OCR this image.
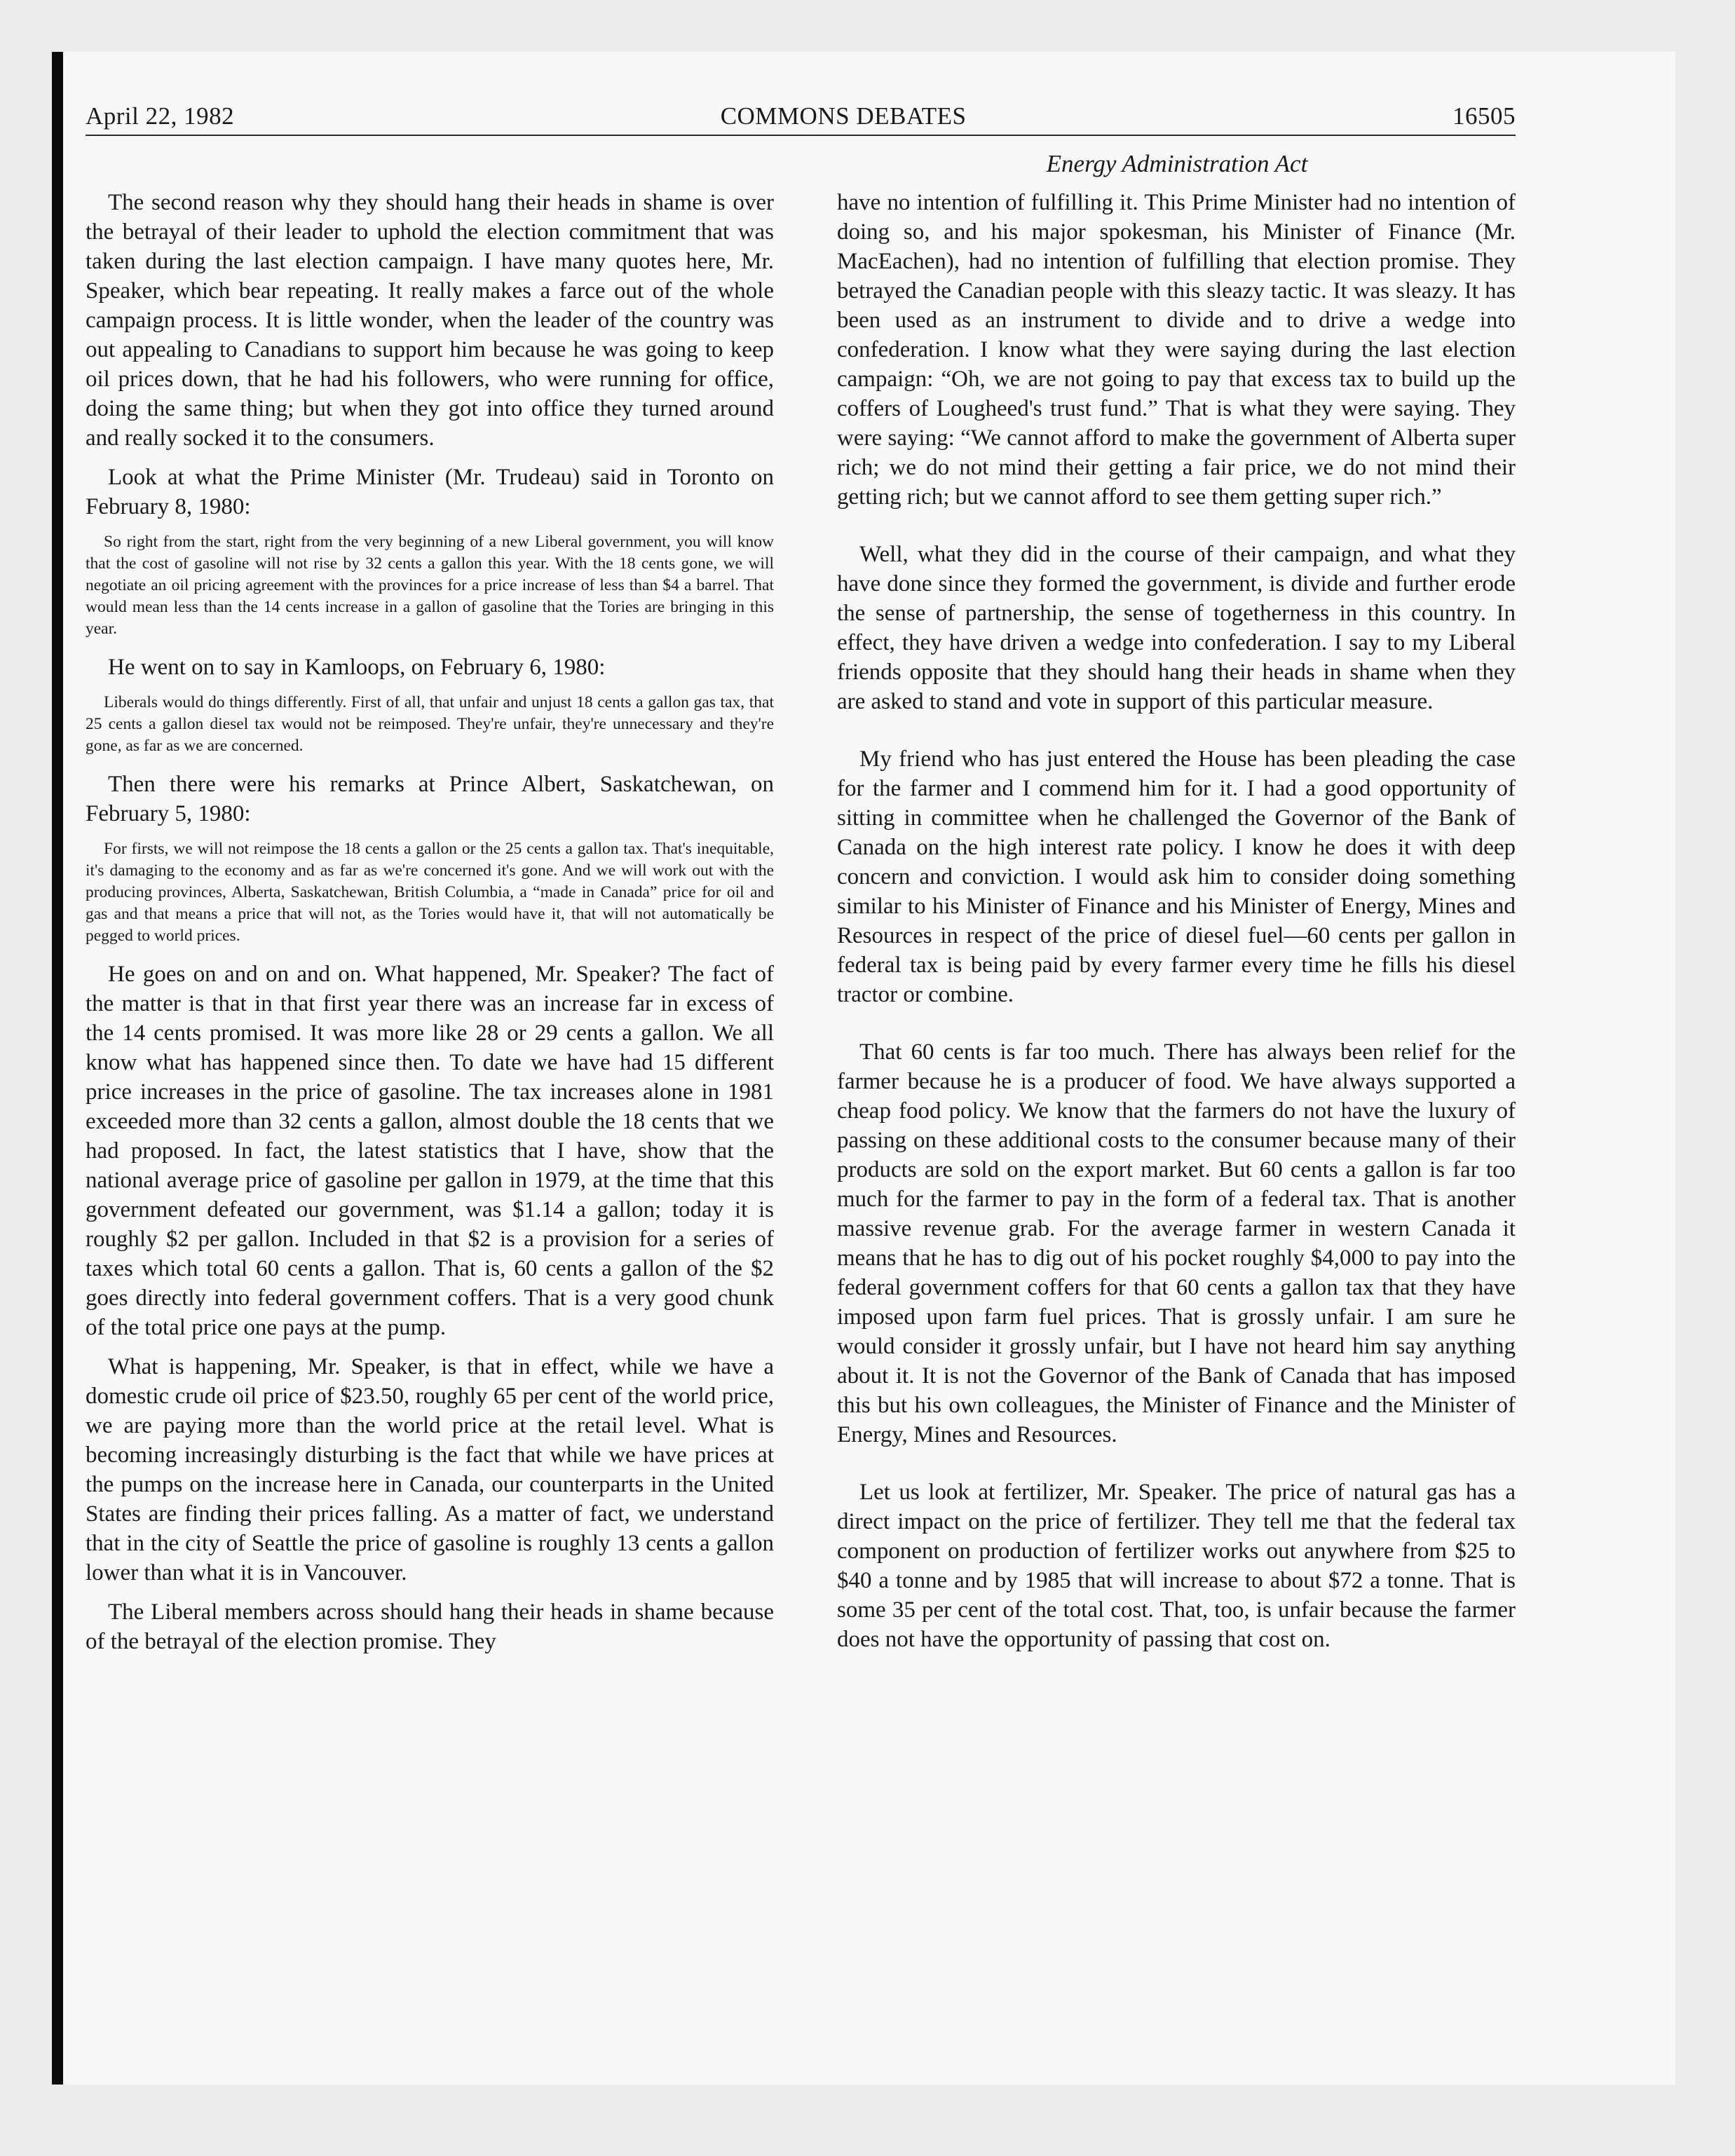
April 22, 1982	COMMONS DEBATES	16505
Energy Administration Act

The second reason why they should hang their heads in shame is over the betrayal of their leader to uphold the election commitment that was taken during the last election campaign. I have many quotes here, Mr. Speaker, which bear repeating. It really makes a farce out of the whole campaign process. It is little wonder, when the leader of the country was out appealing to Canadians to support him because he was going to keep oil prices down, that he had his followers, who were running for office, doing the same thing; but when they got into office they turned around and really socked it to the consumers.

Look at what the Prime Minister (Mr. Trudeau) said in Toronto on February 8, 1980:

So right from the start, right from the very beginning of a new Liberal government, you will know that the cost of gasoline will not rise by 32 cents a gallon this year. With the 18 cents gone, we will negotiate an oil pricing agreement with the provinces for a price increase of less than $4 a barrel. That would mean less than the 14 cents increase in a gallon of gasoline that the Tories are bringing in this year.

He went on to say in Kamloops, on February 6, 1980:

Liberals would do things differently. First of all, that unfair and unjust 18 cents a gallon gas tax, that 25 cents a gallon diesel tax would not be reimposed. They're unfair, they're unnecessary and they're gone, as far as we are concerned.

Then there were his remarks at Prince Albert, Saskatchewan, on February 5, 1980:

For firsts, we will not reimpose the 18 cents a gallon or the 25 cents a gallon tax. That's inequitable, it's damaging to the economy and as far as we're concerned it's gone. And we will work out with the producing provinces, Alberta, Saskatchewan, British Columbia, a “made in Canada” price for oil and gas and that means a price that will not, as the Tories would have it, that will not automatically be pegged to world prices.

He goes on and on and on. What happened, Mr. Speaker? The fact of the matter is that in that first year there was an increase far in excess of the 14 cents promised. It was more like 28 or 29 cents a gallon. We all know what has happened since then. To date we have had 15 different price increases in the price of gasoline. The tax increases alone in 1981 exceeded more than 32 cents a gallon, almost double the 18 cents that we had proposed. In fact, the latest statistics that I have, show that the national average price of gasoline per gallon in 1979, at the time that this government defeated our government, was $1.14 a gallon; today it is roughly $2 per gallon. Included in that $2 is a provision for a series of taxes which total 60 cents a gallon. That is, 60 cents a gallon of the $2 goes directly into federal government coffers. That is a very good chunk of the total price one pays at the pump.

What is happening, Mr. Speaker, is that in effect, while we have a domestic crude oil price of $23.50, roughly 65 per cent of the world price, we are paying more than the world price at the retail level. What is becoming increasingly disturbing is the fact that while we have prices at the pumps on the increase here in Canada, our counterparts in the United States are finding their prices falling. As a matter of fact, we understand that in the city of Seattle the price of gasoline is roughly 13 cents a gallon lower than what it is in Vancouver.

The Liberal members across should hang their heads in shame because of the betrayal of the election promise. They

have no intention of fulfilling it. This Prime Minister had no intention of doing so, and his major spokesman, his Minister of Finance (Mr. MacEachen), had no intention of fulfilling that election promise. They betrayed the Canadian people with this sleazy tactic. It was sleazy. It has been used as an instrument to divide and to drive a wedge into confederation. I know what they were saying during the last election campaign: “Oh, we are not going to pay that excess tax to build up the coffers of Lougheed's trust fund.” That is what they were saying. They were saying: “We cannot afford to make the government of Alberta super rich; we do not mind their getting a fair price, we do not mind their getting rich; but we cannot afford to see them getting super rich.”

Well, what they did in the course of their campaign, and what they have done since they formed the government, is divide and further erode the sense of partnership, the sense of togetherness in this country. In effect, they have driven a wedge into confederation. I say to my Liberal friends opposite that they should hang their heads in shame when they are asked to stand and vote in support of this particular measure.

My friend who has just entered the House has been pleading the case for the farmer and I commend him for it. I had a good opportunity of sitting in committee when he challenged the Governor of the Bank of Canada on the high interest rate policy. I know he does it with deep concern and conviction. I would ask him to consider doing something similar to his Minister of Finance and his Minister of Energy, Mines and Resources in respect of the price of diesel fuel—60 cents per gallon in federal tax is being paid by every farmer every time he fills his diesel tractor or combine.

That 60 cents is far too much. There has always been relief for the farmer because he is a producer of food. We have always supported a cheap food policy. We know that the farmers do not have the luxury of passing on these additional costs to the consumer because many of their products are sold on the export market. But 60 cents a gallon is far too much for the farmer to pay in the form of a federal tax. That is another massive revenue grab. For the average farmer in western Canada it means that he has to dig out of his pocket roughly $4,000 to pay into the federal government coffers for that 60 cents a gallon tax that they have imposed upon farm fuel prices. That is grossly unfair. I am sure he would consider it grossly unfair, but I have not heard him say anything about it. It is not the Governor of the Bank of Canada that has imposed this but his own colleagues, the Minister of Finance and the Minister of Energy, Mines and Resources.

Let us look at fertilizer, Mr. Speaker. The price of natural gas has a direct impact on the price of fertilizer. They tell me that the federal tax component on production of fertilizer works out anywhere from $25 to $40 a tonne and by 1985 that will increase to about $72 a tonne. That is some 35 per cent of the total cost. That, too, is unfair because the farmer does not have the opportunity of passing that cost on.
